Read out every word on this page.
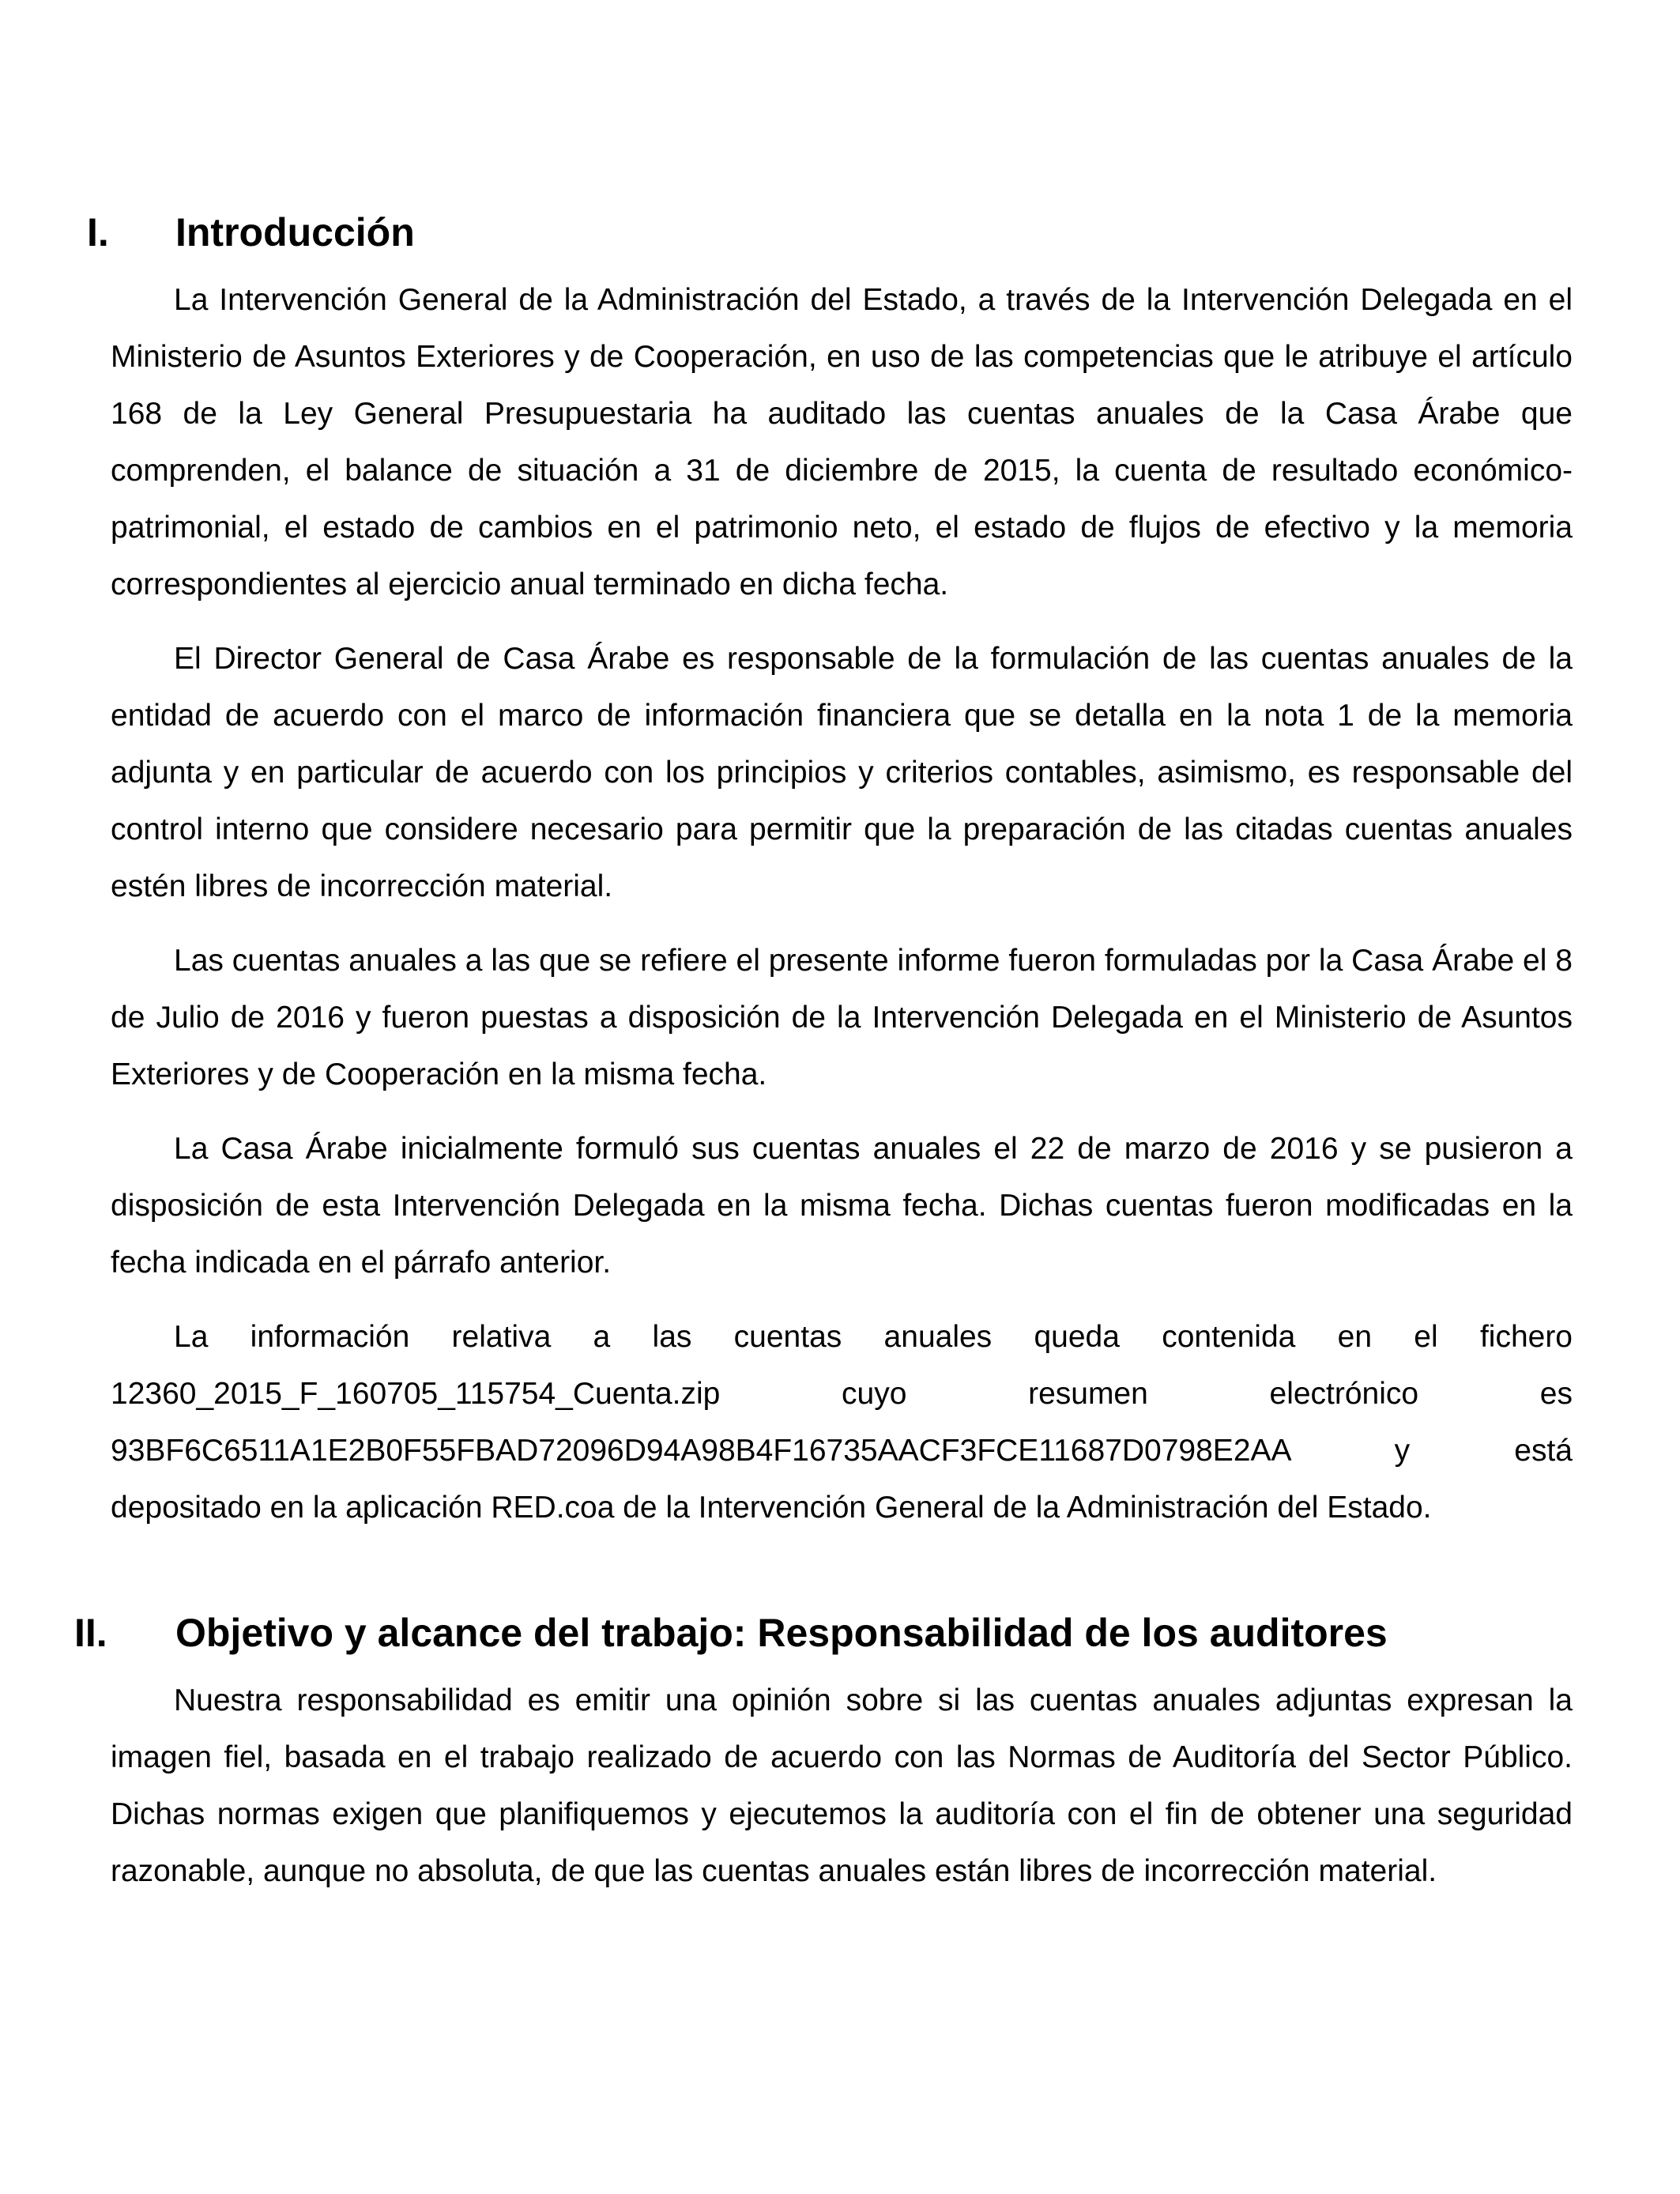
I.	Introducción

La Intervención General de la Administración del Estado, a través de la Intervención Delegada en el Ministerio de Asuntos Exteriores y de Cooperación, en uso de las competencias que le atribuye el artículo 168 de la Ley General Presupuestaria ha auditado las cuentas anuales de la Casa Árabe que comprenden, el balance de situación a 31 de diciembre de 2015, la cuenta de resultado económico-patrimonial, el estado de cambios en el patrimonio neto, el estado de flujos de efectivo y la memoria correspondientes al ejercicio anual terminado en dicha fecha.

El Director General de Casa Árabe es responsable de la formulación de las cuentas anuales de la entidad de acuerdo con el marco de información financiera que se detalla en la nota 1 de la memoria adjunta y en particular de acuerdo con los principios y criterios contables, asimismo, es responsable del control interno que considere necesario para permitir que la preparación de las citadas cuentas anuales estén libres de incorrección material.

Las cuentas anuales a las que se refiere el presente informe fueron formuladas por la Casa Árabe el 8 de Julio de 2016 y fueron puestas a disposición de la Intervención Delegada en el Ministerio de Asuntos Exteriores y de Cooperación en la misma fecha.

La Casa Árabe inicialmente formuló sus cuentas anuales el 22 de marzo de 2016 y se pusieron a disposición de esta Intervención Delegada en la misma fecha. Dichas cuentas fueron modificadas en la fecha indicada en el párrafo anterior.

La información relativa a las cuentas anuales queda contenida en el fichero

12360_2015_F_160705_115754_Cuenta.zip cuyo resumen electrónico es

93BF6C6511A1E2B0F55FBAD72096D94A98B4F16735AACF3FCE11687D0798E2AA y está

depositado en la aplicación RED.coa de la Intervención General de la Administración del Estado.

II.	Objetivo y alcance del trabajo: Responsabilidad de los auditores

Nuestra responsabilidad es emitir una opinión sobre si las cuentas anuales adjuntas expresan la imagen fiel, basada en el trabajo realizado de acuerdo con las Normas de Auditoría del Sector Público. Dichas normas exigen que planifiquemos y ejecutemos la auditoría con el fin de obtener una seguridad razonable, aunque no absoluta, de que las cuentas anuales están libres de incorrección material.
